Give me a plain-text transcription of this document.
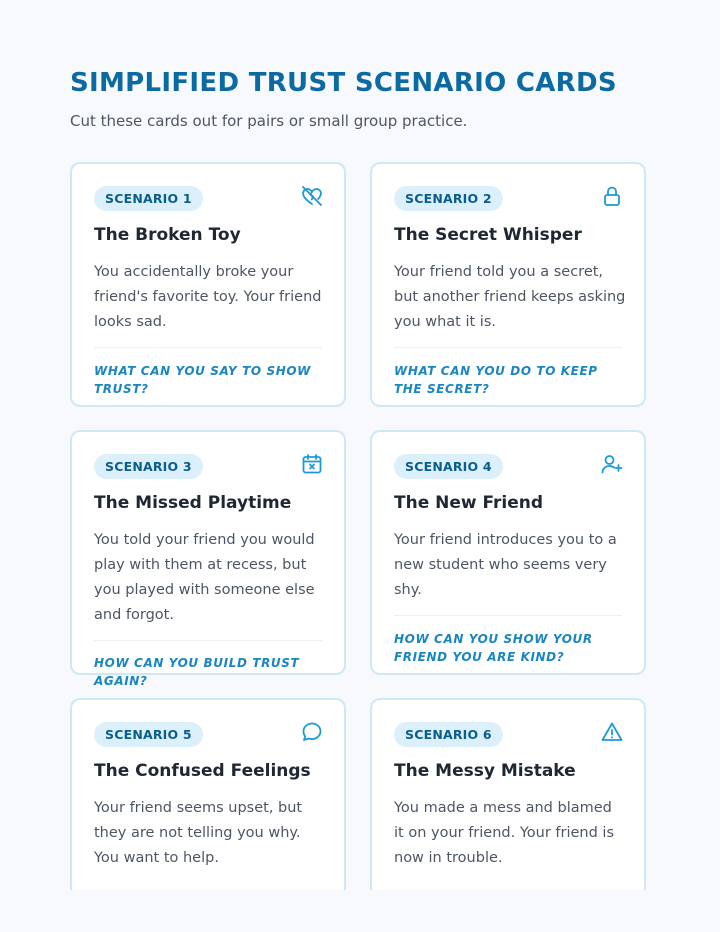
SIMPLIFIED TRUST SCENARIO CARDS
Cut these cards out for pairs or small group practice.
SCENARIO 1
The Broken Toy
You accidentally broke your friend's favorite toy. Your friend looks sad.
WHAT CAN YOU SAY TO SHOW TRUST?
SCENARIO 2
The Secret Whisper
Your friend told you a secret, but another friend keeps asking you what it is.
WHAT CAN YOU DO TO KEEP THE SECRET?
SCENARIO 3
The Missed Playtime
You told your friend you would play with them at recess, but you played with someone else and forgot.
HOW CAN YOU BUILD TRUST AGAIN?
SCENARIO 4
The New Friend
Your friend introduces you to a new student who seems very shy.
HOW CAN YOU SHOW YOUR FRIEND YOU ARE KIND?
SCENARIO 5
The Confused Feelings
Your friend seems upset, but they are not telling you why. You want to help.
SCENARIO 6
The Messy Mistake
You made a mess and blamed it on your friend. Your friend is now in trouble.
